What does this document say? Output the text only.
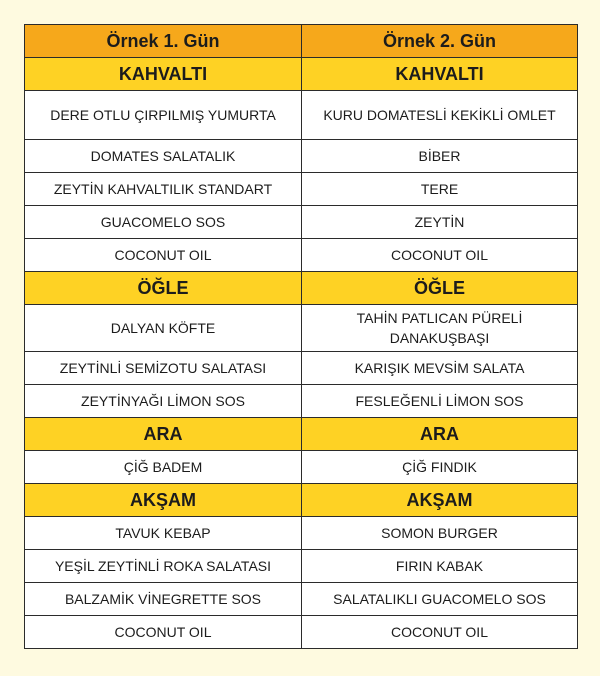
Örnek 1. Gün	Örnek 2. Gün
KAHVALTI	KAHVALTI
DERE OTLU ÇIRPILMIŞ YUMURTA	KURU DOMATESLİ KEKİKLİ OMLET
DOMATES SALATALIK	BİBER
ZEYTİN KAHVALTILIK STANDART	TERE
GUACOMELO SOS	ZEYTİN
COCONUT OIL	COCONUT OIL
ÖĞLE	ÖĞLE
DALYAN KÖFTE	TAHİN PATLICAN PÜRELİ DANAKUŞBAŞI
ZEYTİNLİ SEMİZOTU SALATASI	KARIŞIK MEVSİM SALATA
ZEYTİNYAĞI LİMON SOS	FESLEĞENLİ LİMON SOS
ARA	ARA
ÇİĞ BADEM	ÇİĞ FINDIK
AKŞAM	AKŞAM
TAVUK KEBAP	SOMON BURGER
YEŞİL ZEYTİNLİ ROKA SALATASI	FIRIN KABAK
BALZAMİK VİNEGRETTE SOS	SALATALIKLI GUACOMELO SOS
COCONUT OIL	COCONUT OIL
